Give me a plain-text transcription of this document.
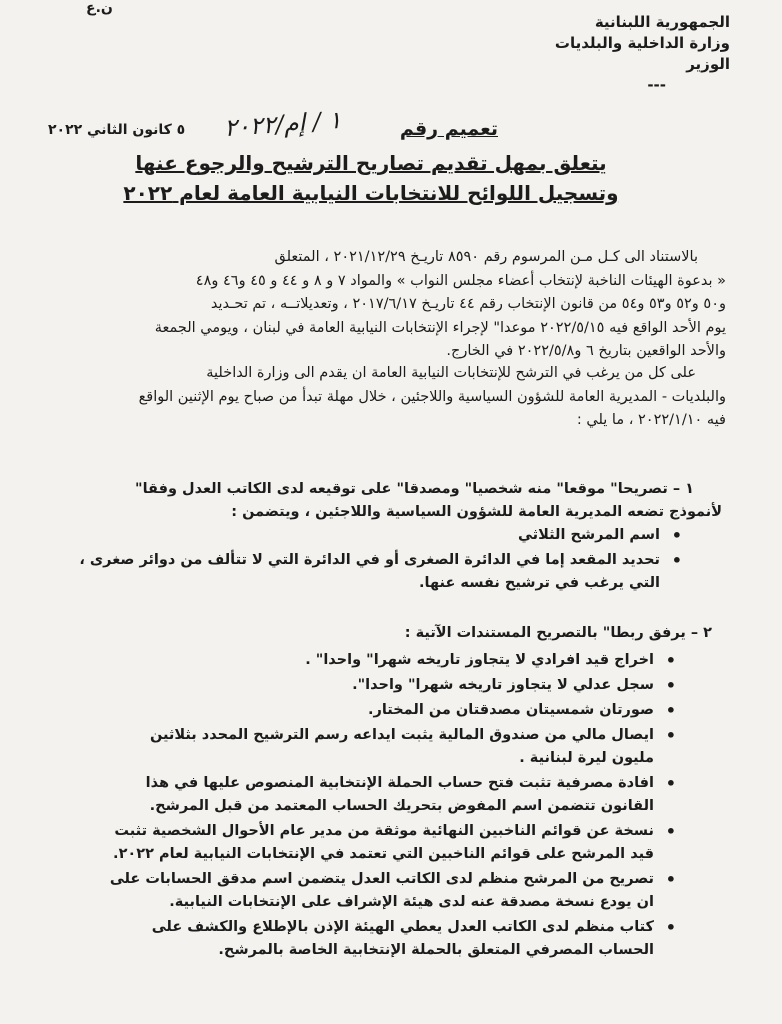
ن.ع
الجمهورية اللبنانية
وزارة الداخلية والبلديات
الوزير
---
٥ كانون الثاني ٢٠٢٢	تعميم رقم
١ / إم/٢٠٢٢
يتعلق بمهل تقديم تصاريح الترشيح والرجوع عنها
وتسجيل اللوائح للانتخابات النيابية العامة لعام ٢٠٢٢

بالاستناد الى كـل مـن المرسوم رقم ٨٥٩٠ تاريـخ ٢٠٢١/١٢/٢٩ ، المتعلق

« بدعوة الهيئات الناخبة لإنتخاب أعضاء مجلس النواب » والمواد ٧ و ٨ و ٤٤ و ٤٥ و٤٦ و٤٨

و٥٠ و٥٢ و٥٣ و٥٤ من قانون الإنتخاب رقم ٤٤ تاريـخ ٢٠١٧/٦/١٧ ، وتعديلاتــه ، تم تحـديد

يوم الأحد الواقع فيه ٢٠٢٢/٥/١٥ موعدا" لإجراء الإنتخابات النيابية العامة في لبنان ، ويومي الجمعة

والأحد الواقعين بتاريخ ٦ و٢٠٢٢/٥/٨ في الخارج.

على كل من يرغب في الترشح للإنتخابات النيابية العامة ان يقدم الى وزارة الداخلية

والبلديات - المديرية العامة للشؤون السياسية واللاجئين ، خلال مهلة تبدأ من صباح يوم الإثنين الواقع

فيه ٢٠٢٢/١/١٠ ، ما يلي :

١ – تصريحا" موقعا" منه شخصيا" ومصدقا" على توقيعه لدى الكاتب العدل وفقا"
لأنموذج تضعه المديرية العامة للشؤون السياسية واللاجئين ، ويتضمن :
• اسم المرشح الثلاثي
• تحديد المقعد إما في الدائرة الصغرى أو في الدائرة التي لا تتألف من دوائر صغرى ، التي يرغب في ترشيح نفسه عنها.
٢ – يرفق ربطا" بالتصريح المستندات الآتية :
• اخراج قيد افرادي لا يتجاوز تاريخه شهرا" واحدا" .
• سجل عدلي لا يتجاوز تاريخه شهرا" واحدا".
• صورتان شمسيتان مصدقتان من المختار.
• ايصال مالي من صندوق المالية يثبت ايداعه رسم الترشيح المحدد بثلاثين مليون ليرة لبنانية .
• افادة مصرفية تثبت فتح حساب الحملة الإنتخابية المنصوص عليها في هذا القانون تتضمن اسم المفوض بتحريك الحساب المعتمد من قبل المرشح.
• نسخة عن قوائم الناخبين النهائية موثقة من مدير عام الأحوال الشخصية تثبت قيد المرشح على قوائم الناخبين التي تعتمد في الإنتخابات النيابية لعام ٢٠٢٢.
• تصريح من المرشح منظم لدى الكاتب العدل يتضمن اسم مدقق الحسابات على ان يودع نسخة مصدقة عنه لدى هيئة الإشراف على الإنتخابات النيابية.
• كتاب منظم لدى الكاتب العدل يعطي الهيئة الإذن بالإطلاع والكشف على الحساب المصرفي المتعلق بالحملة الإنتخابية الخاصة بالمرشح.
